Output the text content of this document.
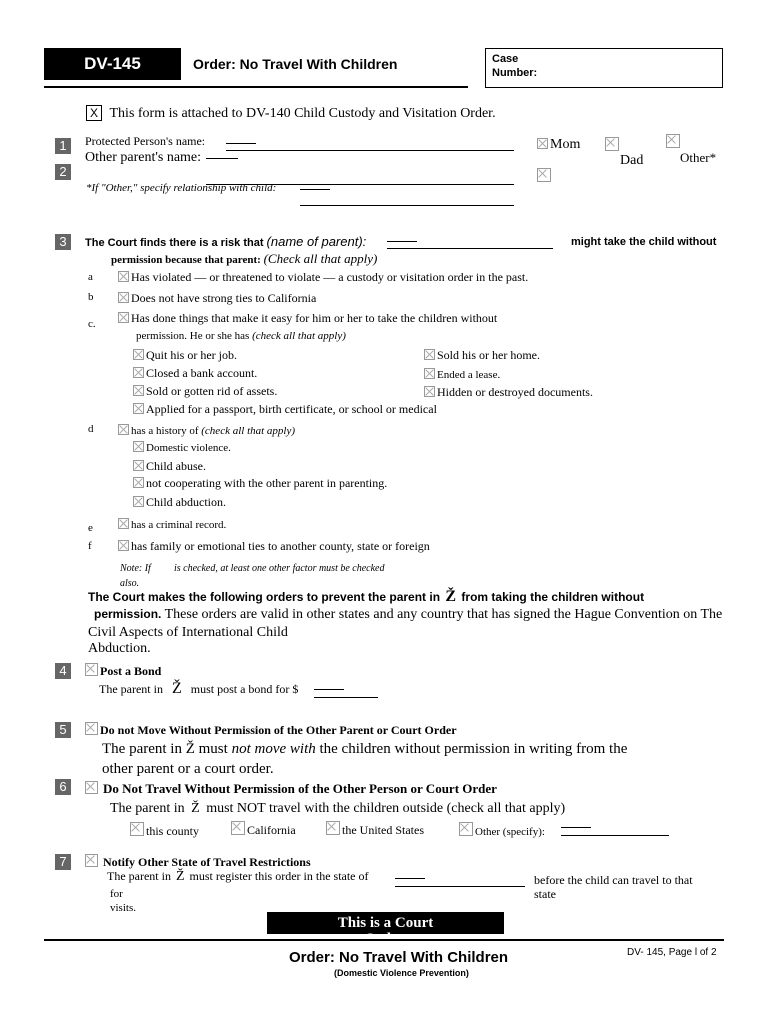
DV-145	Order: No Travel With Children	Case
Number:
X This form is attached to DV-140 Child Custody and Visitation Order.
1
2
Protected Person's name:
Other parent's name:
*If "Other," specify relationship with child:
Mom
Dad	Other*
3	The Court finds there is a risk that (name of parent):	might take the child without
permission because that parent: (Check all that apply)
a	Has violated — or threatened to violate — a custody or visitation order in the past.
b	Does not have strong ties to California
c.	Has done things that make it easy for him or her to take the children without
permission. He or she has (check all that apply)
Quit his or her job.
Closed a bank account.
Sold or gotten rid of assets.
Applied for a passport, birth certificate, or school or medical
Sold his or her home.
Ended a lease.
Hidden or destroyed documents.
d	has a history of (check all that apply)
Domestic violence.
Child abuse.
not cooperating with the other parent in parenting.
Child abduction.
e	has a criminal record.
f	has family or emotional ties to another county, state or foreign
Note: If is checked, at least one other factor must be checked
also.
The Court makes the following orders to prevent the parent in Ž from taking the children without
permission. These orders are valid in other states and any country that has signed the Hague Convention on The
Civil Aspects of International Child
Abduction.
4	Post a Bond
The parent in Ž must post a bond for $
5	Do not Move Without Permission of the Other Parent or Court Order
The parent in Ž must not move with the children without permission in writing from the
other parent or a court order.
6	Do Not Travel Without Permission of the Other Person or Court Order
The parent in Ž must NOT travel with the children outside (check all that apply)
this county	California	the United States	Other (specify):
7	Notify Other State of Travel Restrictions
The parent in Ž must register this order in the state of	before the child can travel to that
state
for
visits.
This is a Court
Order.
Order: No Travel With Children
(Domestic Violence Prevention)
DV- 145, Page l of 2
